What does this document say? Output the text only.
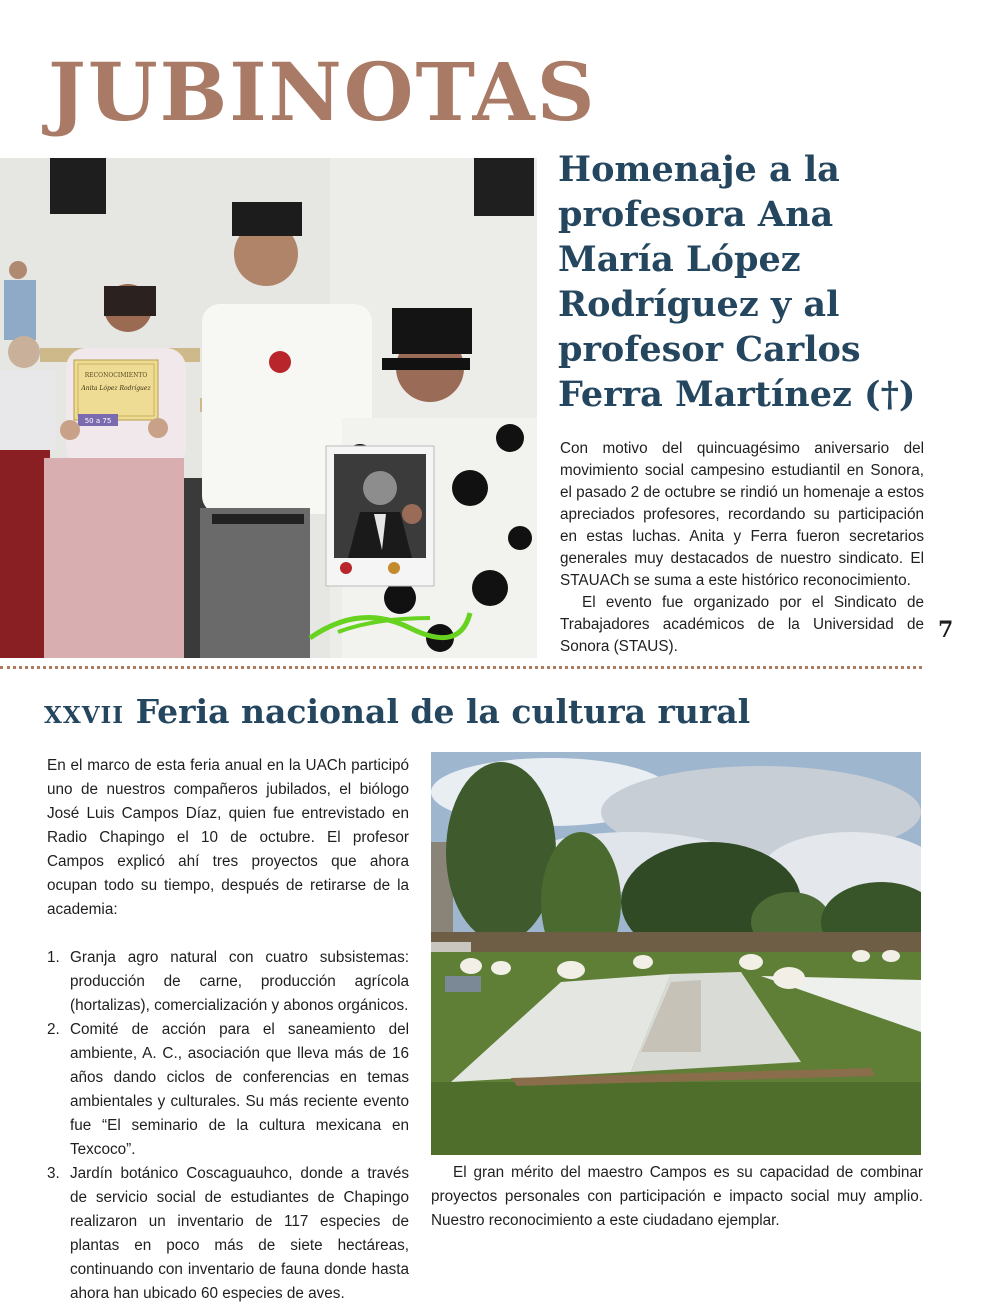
JUBINOTAS
RECONOCIMIENTO
Anita López Rodríguez
50 a 75
Homenaje a la profesora Ana María López Rodríguez y al profesor Carlos Ferra Martínez (†)

Con motivo del quincuagésimo aniversario del movimiento social campesino estudiantil en Sonora, el pasado 2 de octubre se rindió un homenaje a estos apreciados profesores, recordando su participación en estas luchas. Anita y Ferra fueron secretarios generales muy destacados de nuestro sindicato. El STAUACh se suma a este histórico reconocimiento.

El evento fue organizado por el Sindicato de Trabajadores académicos de la Universidad de Sonora (STAUS).

7
xxvii Feria nacional de la cultura rural

En el marco de esta feria anual en la UACh participó uno de nuestros compañeros jubilados, el biólogo José Luis Campos Díaz, quien fue entrevistado en Radio Chapingo el 10 de octubre. El profesor Campos explicó ahí tres proyectos que ahora ocupan todo su tiempo, después de retirarse de la academia:

1. Granja agro natural con cuatro subsistemas: producción de carne, producción agrícola (hortalizas), comercialización y abonos orgánicos.
2. Comité de acción para el saneamiento del ambiente, A. C., asociación que lleva más de 16 años dando ciclos de conferencias en temas ambientales y culturales. Su más reciente evento fue “El seminario de la cultura mexicana en Texcoco”.
3. Jardín botánico Coscaguauhco, donde a través de servicio social de estudiantes de Chapingo realizaron un inventario de 117 especies de plantas en poco más de siete hectáreas, continuando con inventario de fauna donde hasta ahora han ubicado 60 especies de aves.

El gran mérito del maestro Campos es su capacidad de combinar proyectos personales con participación e impacto social muy amplio. Nuestro reconocimiento a este ciudadano ejemplar.
